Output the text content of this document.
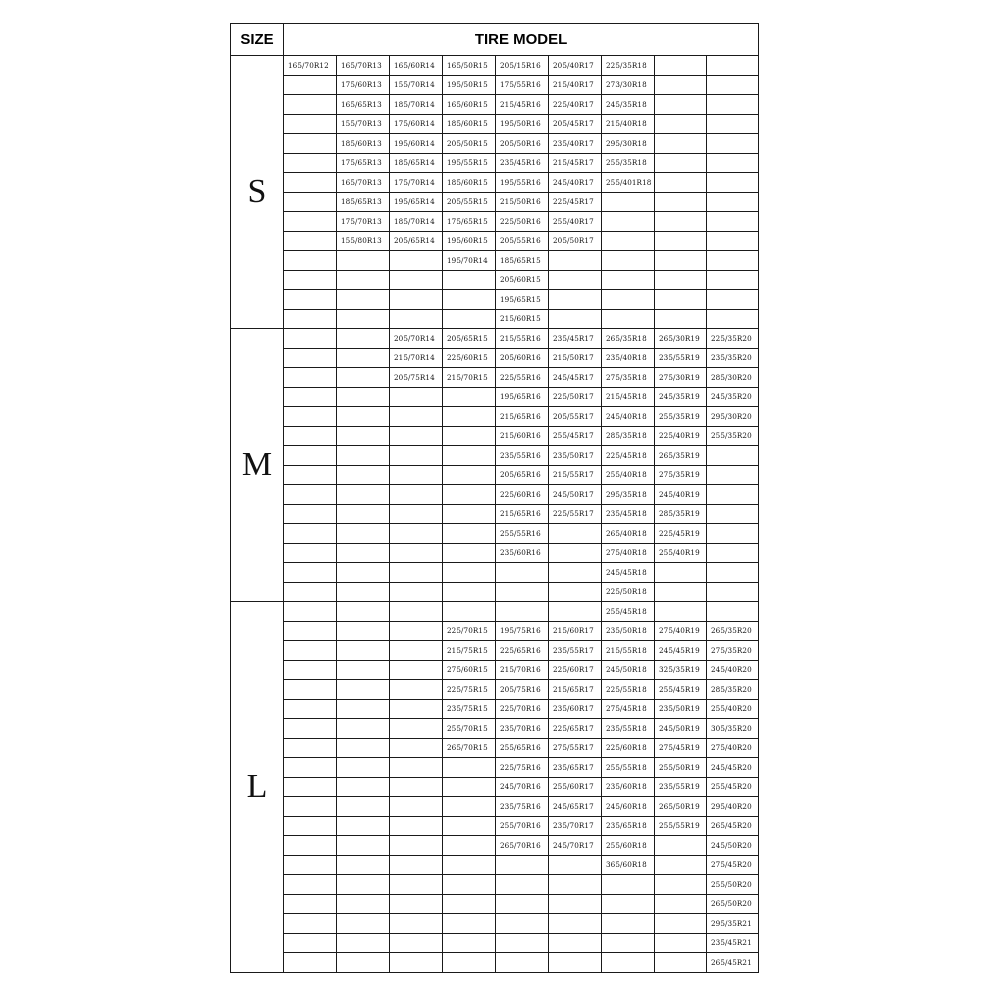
SIZE	TIRE MODEL								
S	165/70R12	165/70R13	165/60R14	165/50R15	205/15R16	205/40R17	225/35R18		
		175/60R13	155/70R14	195/50R15	175/55R16	215/40R17	273/30R18		
		165/65R13	185/70R14	165/60R15	215/45R16	225/40R17	245/35R18		
		155/70R13	175/60R14	185/60R15	195/50R16	205/45R17	215/40R18		
		185/60R13	195/60R14	205/50R15	205/50R16	235/40R17	295/30R18		
		175/65R13	185/65R14	195/55R15	235/45R16	215/45R17	255/35R18		
		165/70R13	175/70R14	185/60R15	195/55R16	245/40R17	255/401R18		
		185/65R13	195/65R14	205/55R15	215/50R16	225/45R17			
		175/70R13	185/70R14	175/65R15	225/50R16	255/40R17			
		155/80R13	205/65R14	195/60R15	205/55R16	205/50R17			
				195/70R14	185/65R15				
					205/60R15				
					195/65R15				
					215/60R15				
M			205/70R14	205/65R15	215/55R16	235/45R17	265/35R18	265/30R19	225/35R20
			215/70R14	225/60R15	205/60R16	215/50R17	235/40R18	235/55R19	235/35R20
			205/75R14	215/70R15	225/55R16	245/45R17	275/35R18	275/30R19	285/30R20
					195/65R16	225/50R17	215/45R18	245/35R19	245/35R20
					215/65R16	205/55R17	245/40R18	255/35R19	295/30R20
					215/60R16	255/45R17	285/35R18	225/40R19	255/35R20
					235/55R16	235/50R17	225/45R18	265/35R19	
					205/65R16	215/55R17	255/40R18	275/35R19	
					225/60R16	245/50R17	295/35R18	245/40R19	
					215/65R16	225/55R17	235/45R18	285/35R19	
					255/55R16		265/40R18	225/45R19	
					235/60R16		275/40R18	255/40R19	
							245/45R18		
							225/50R18		
L							255/45R18		
				225/70R15	195/75R16	215/60R17	235/50R18	275/40R19	265/35R20
				215/75R15	225/65R16	235/55R17	215/55R18	245/45R19	275/35R20
				275/60R15	215/70R16	225/60R17	245/50R18	325/35R19	245/40R20
				225/75R15	205/75R16	215/65R17	225/55R18	255/45R19	285/35R20
				235/75R15	225/70R16	235/60R17	275/45R18	235/50R19	255/40R20
				255/70R15	235/70R16	225/65R17	235/55R18	245/50R19	305/35R20
				265/70R15	255/65R16	275/55R17	225/60R18	275/45R19	275/40R20
					225/75R16	235/65R17	255/55R18	255/50R19	245/45R20
					245/70R16	255/60R17	235/60R18	235/55R19	255/45R20
					235/75R16	245/65R17	245/60R18	265/50R19	295/40R20
					255/70R16	235/70R17	235/65R18	255/55R19	265/45R20
					265/70R16	245/70R17	255/60R18		245/50R20
							365/60R18		275/45R20
									255/50R20
									265/50R20
									295/35R21
									235/45R21
									265/45R21
